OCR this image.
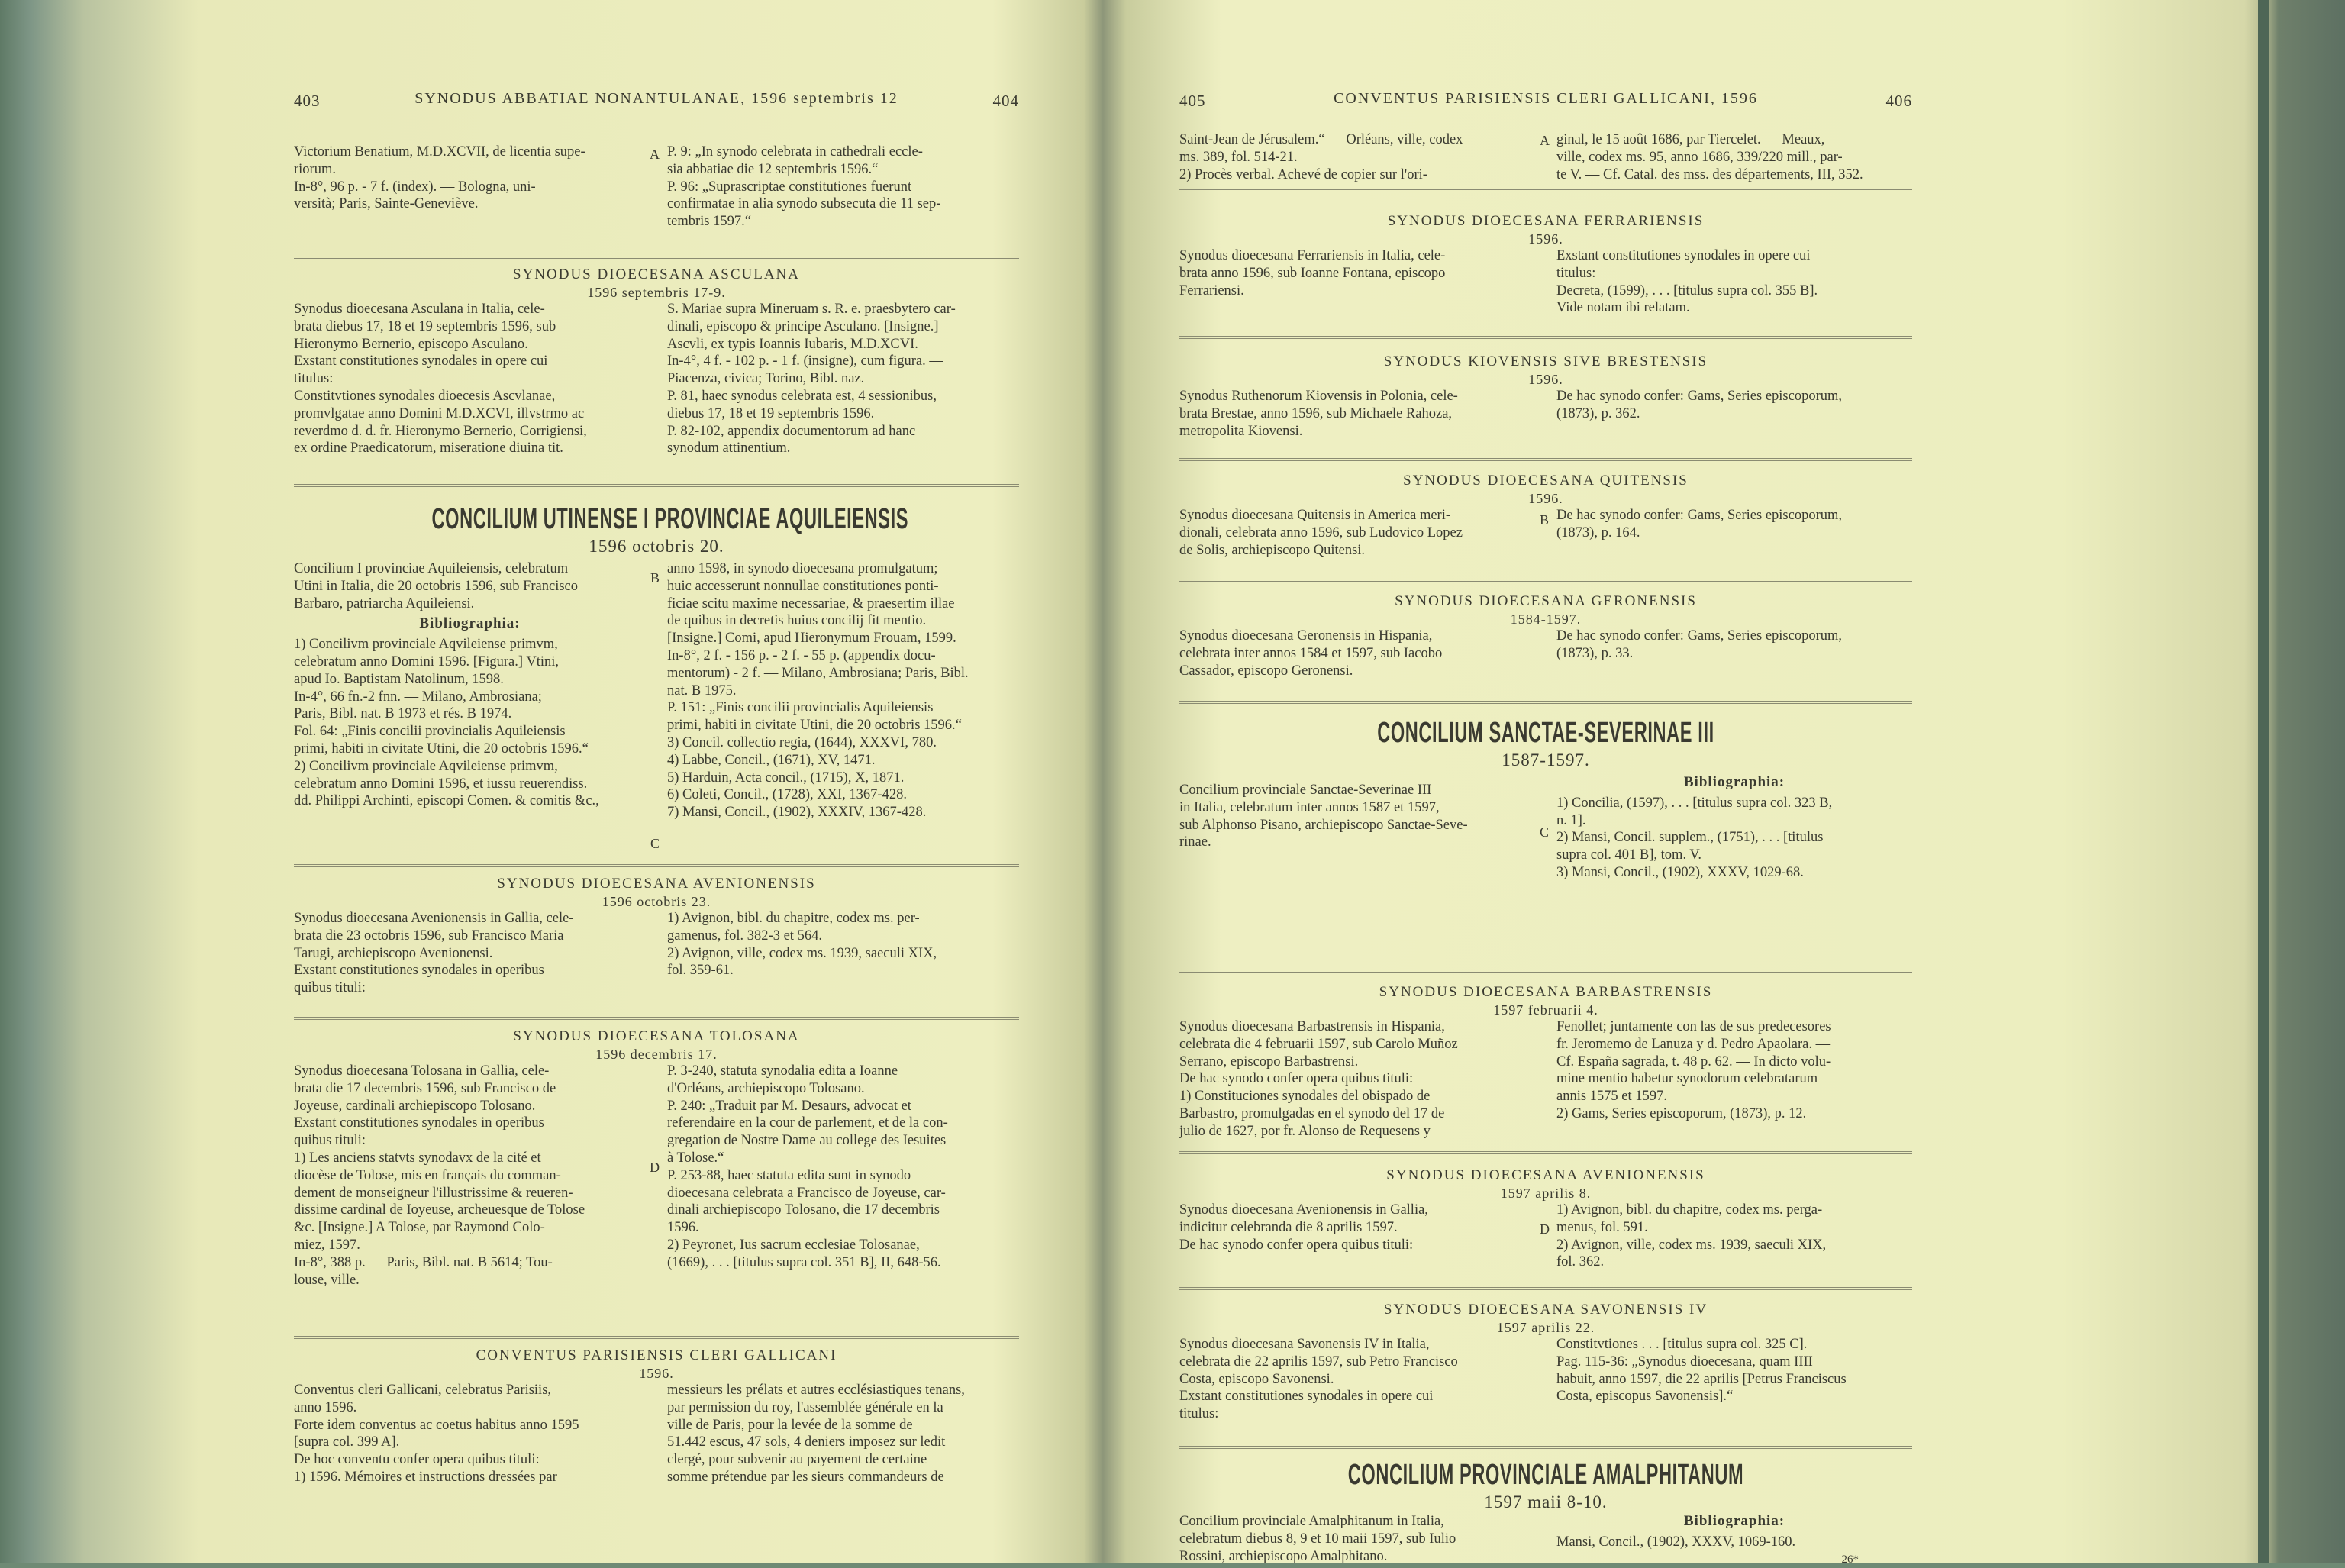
403	SYNODUS ABBATIAE NONANTULANAE, 1596 septembris 12	404
Victorium Benatium, M.D.XCVII, de licentia supe-
riorum.
In-8°, 96 p. - 7 f. (index). — Bologna, uni-
versità; Paris, Sainte-Geneviève.
P. 9: „In synodo celebrata in cathedrali eccle-
sia abbatiae die 12 septembris 1596.“
P. 96: „Suprascriptae constitutiones fuerunt
confirmatae in alia synodo subsecuta die 11 sep-
tembris 1597.“
A
SYNODUS DIOECESANA ASCULANA
1596 septembris 17-9.
Synodus dioecesana Asculana in Italia, cele-
brata diebus 17, 18 et 19 septembris 1596, sub
Hieronymo Bernerio, episcopo Asculano.
Exstant constitutiones synodales in opere cui
titulus:
Constitvtiones synodales dioecesis Ascvlanae,
promvlgatae anno Domini M.D.XCVI, illvstrmo ac
reverdmo d. d. fr. Hieronymo Bernerio, Corrigiensi,
ex ordine Praedicatorum, miseratione diuina tit.
S. Mariae supra Mineruam s. R. e. praesbytero car-
dinali, episcopo & principe Asculano. [Insigne.]
Ascvli, ex typis Ioannis Iubaris, M.D.XCVI.
In-4°, 4 f. - 102 p. - 1 f. (insigne), cum figura. —
Piacenza, civica; Torino, Bibl. naz.
P. 81, haec synodus celebrata est, 4 sessionibus,
diebus 17, 18 et 19 septembris 1596.
P. 82-102, appendix documentorum ad hanc
synodum attinentium.
CONCILIUM UTINENSE I PROVINCIAE AQUILEIENSIS
1596 octobris 20.
Concilium I provinciae Aquileiensis, celebratum
Utini in Italia, die 20 octobris 1596, sub Francisco
Barbaro, patriarcha Aquileiensi.

Bibliographia:

1) Concilivm provinciale Aqvileiense primvm,
celebratum anno Domini 1596. [Figura.] Vtini,
apud Io. Baptistam Natolinum, 1598.
In-4°, 66 fn.-2 fnn. — Milano, Ambrosiana;
Paris, Bibl. nat. B 1973 et rés. B 1974.
Fol. 64: „Finis concilii provincialis Aquileiensis
primi, habiti in civitate Utini, die 20 octobris 1596.“
2) Concilivm provinciale Aqvileiense primvm,
celebratum anno Domini 1596, et iussu reuerendiss.
dd. Philippi Archinti, episcopi Comen. & comitis &c.,
anno 1598, in synodo dioecesana promulgatum;
huic accesserunt nonnullae constitutiones ponti-
ficiae scitu maxime necessariae, & praesertim illae
de quibus in decretis huius concilij fit mentio.
[Insigne.] Comi, apud Hieronymum Frouam, 1599.
In-8°, 2 f. - 156 p. - 2 f. - 55 p. (appendix docu-
mentorum) - 2 f. — Milano, Ambrosiana; Paris, Bibl.
nat. B 1975.
P. 151: „Finis concilii provincialis Aquileiensis
primi, habiti in civitate Utini, die 20 octobris 1596.“
3) Concil. collectio regia, (1644), XXXVI, 780.
4) Labbe, Concil., (1671), XV, 1471.
5) Harduin, Acta concil., (1715), X, 1871.
6) Coleti, Concil., (1728), XXI, 1367-428.
7) Mansi, Concil., (1902), XXXIV, 1367-428.
B
C
SYNODUS DIOECESANA AVENIONENSIS
1596 octobris 23.
Synodus dioecesana Avenionensis in Gallia, cele-
brata die 23 octobris 1596, sub Francisco Maria
Tarugi, archiepiscopo Avenionensi.
Exstant constitutiones synodales in operibus
quibus tituli:
1) Avignon, bibl. du chapitre, codex ms. per-
gamenus, fol. 382-3 et 564.
2) Avignon, ville, codex ms. 1939, saeculi XIX,
fol. 359-61.
SYNODUS DIOECESANA TOLOSANA
1596 decembris 17.
Synodus dioecesana Tolosana in Gallia, cele-
brata die 17 decembris 1596, sub Francisco de
Joyeuse, cardinali archiepiscopo Tolosano.
Exstant constitutiones synodales in operibus
quibus tituli:
1) Les anciens statvts synodavx de la cité et
diocèse de Tolose, mis en français du comman-
dement de monseigneur l'illustrissime & reueren-
dissime cardinal de Ioyeuse, archeuesque de Tolose
&c. [Insigne.] A Tolose, par Raymond Colo-
miez, 1597.
In-8°, 388 p. — Paris, Bibl. nat. B 5614; Tou-
louse, ville.
P. 3-240, statuta synodalia edita a Ioanne
d'Orléans, archiepiscopo Tolosano.
P. 240: „Traduit par M. Desaurs, advocat et
referendaire en la cour de parlement, et de la con-
gregation de Nostre Dame au college des Iesuites
à Tolose.“
P. 253-88, haec statuta edita sunt in synodo
dioecesana celebrata a Francisco de Joyeuse, car-
dinali archiepiscopo Tolosano, die 17 decembris
1596.
2) Peyronet, Ius sacrum ecclesiae Tolosanae,
(1669), . . . [titulus supra col. 351 B], II, 648-56.
D
CONVENTUS PARISIENSIS CLERI GALLICANI
1596.
Conventus cleri Gallicani, celebratus Parisiis,
anno 1596.
Forte idem conventus ac coetus habitus anno 1595
[supra col. 399 A].
De hoc conventu confer opera quibus tituli:
1) 1596. Mémoires et instructions dressées par
messieurs les prélats et autres ecclésiastiques tenans,
par permission du roy, l'assemblée générale en la
ville de Paris, pour la levée de la somme de
51.442 escus, 47 sols, 4 deniers imposez sur ledit
clergé, pour subvenir au payement de certaine
somme prétendue par les sieurs commandeurs de
405	CONVENTUS PARISIENSIS CLERI GALLICANI, 1596	406
Saint-Jean de Jérusalem.“ — Orléans, ville, codex
ms. 389, fol. 514-21.
2) Procès verbal. Achevé de copier sur l'ori-
ginal, le 15 août 1686, par Tiercelet. — Meaux,
ville, codex ms. 95, anno 1686, 339/220 mill., par-
te V. — Cf. Catal. des mss. des départements, III, 352.
A
SYNODUS DIOECESANA FERRARIENSIS
1596.
Synodus dioecesana Ferrariensis in Italia, cele-
brata anno 1596, sub Ioanne Fontana, episcopo
Ferrariensi.
Exstant constitutiones synodales in opere cui
titulus:
Decreta, (1599), . . . [titulus supra col. 355 B].
Vide notam ibi relatam.
SYNODUS KIOVENSIS SIVE BRESTENSIS
1596.
Synodus Ruthenorum Kiovensis in Polonia, cele-
brata Brestae, anno 1596, sub Michaele Rahoza,
metropolita Kiovensi.
De hac synodo confer: Gams, Series episcoporum,
(1873), p. 362.
SYNODUS DIOECESANA QUITENSIS
1596.
Synodus dioecesana Quitensis in America meri-
dionali, celebrata anno 1596, sub Ludovico Lopez
de Solis, archiepiscopo Quitensi.
De hac synodo confer: Gams, Series episcoporum,
(1873), p. 164.
B
SYNODUS DIOECESANA GERONENSIS
1584-1597.
Synodus dioecesana Geronensis in Hispania,
celebrata inter annos 1584 et 1597, sub Iacobo
Cassador, episcopo Geronensi.
De hac synodo confer: Gams, Series episcoporum,
(1873), p. 33.
CONCILIUM SANCTAE-SEVERINAE III
1587-1597.
Concilium provinciale Sanctae-Severinae III
in Italia, celebratum inter annos 1587 et 1597,
sub Alphonso Pisano, archiepiscopo Sanctae-Seve-
rinae.

Bibliographia:

1) Concilia, (1597), . . . [titulus supra col. 323 B,
n. 1].
2) Mansi, Concil. supplem., (1751), . . . [titulus
supra col. 401 B], tom. V.
3) Mansi, Concil., (1902), XXXV, 1029-68.
C
SYNODUS DIOECESANA BARBASTRENSIS
1597 februarii 4.
Synodus dioecesana Barbastrensis in Hispania,
celebrata die 4 februarii 1597, sub Carolo Muñoz
Serrano, episcopo Barbastrensi.
De hac synodo confer opera quibus tituli:
1) Constituciones synodales del obispado de
Barbastro, promulgadas en el synodo del 17 de
julio de 1627, por fr. Alonso de Requesens y
Fenollet; juntamente con las de sus predecesores
fr. Jeromemo de Lanuza y d. Pedro Apaolara. —
Cf. España sagrada, t. 48 p. 62. — In dicto volu-
mine mentio habetur synodorum celebratarum
annis 1575 et 1597.
2) Gams, Series episcoporum, (1873), p. 12.
SYNODUS DIOECESANA AVENIONENSIS
1597 aprilis 8.
Synodus dioecesana Avenionensis in Gallia,
indicitur celebranda die 8 aprilis 1597.
De hac synodo confer opera quibus tituli:
1) Avignon, bibl. du chapitre, codex ms. perga-
menus, fol. 591.
2) Avignon, ville, codex ms. 1939, saeculi XIX,
fol. 362.
D
SYNODUS DIOECESANA SAVONENSIS IV
1597 aprilis 22.
Synodus dioecesana Savonensis IV in Italia,
celebrata die 22 aprilis 1597, sub Petro Francisco
Costa, episcopo Savonensi.
Exstant constitutiones synodales in opere cui
titulus:
Constitvtiones . . . [titulus supra col. 325 C].
Pag. 115-36: „Synodus dioecesana, quam IIII
habuit, anno 1597, die 22 aprilis [Petrus Franciscus
Costa, episcopus Savonensis].“
CONCILIUM PROVINCIALE AMALPHITANUM
1597 maii 8-10.
Concilium provinciale Amalphitanum in Italia,
celebratum diebus 8, 9 et 10 maii 1597, sub Iulio
Rossini, archiepiscopo Amalphitano.

Bibliographia:

Mansi, Concil., (1902), XXXV, 1069-160.
26*
